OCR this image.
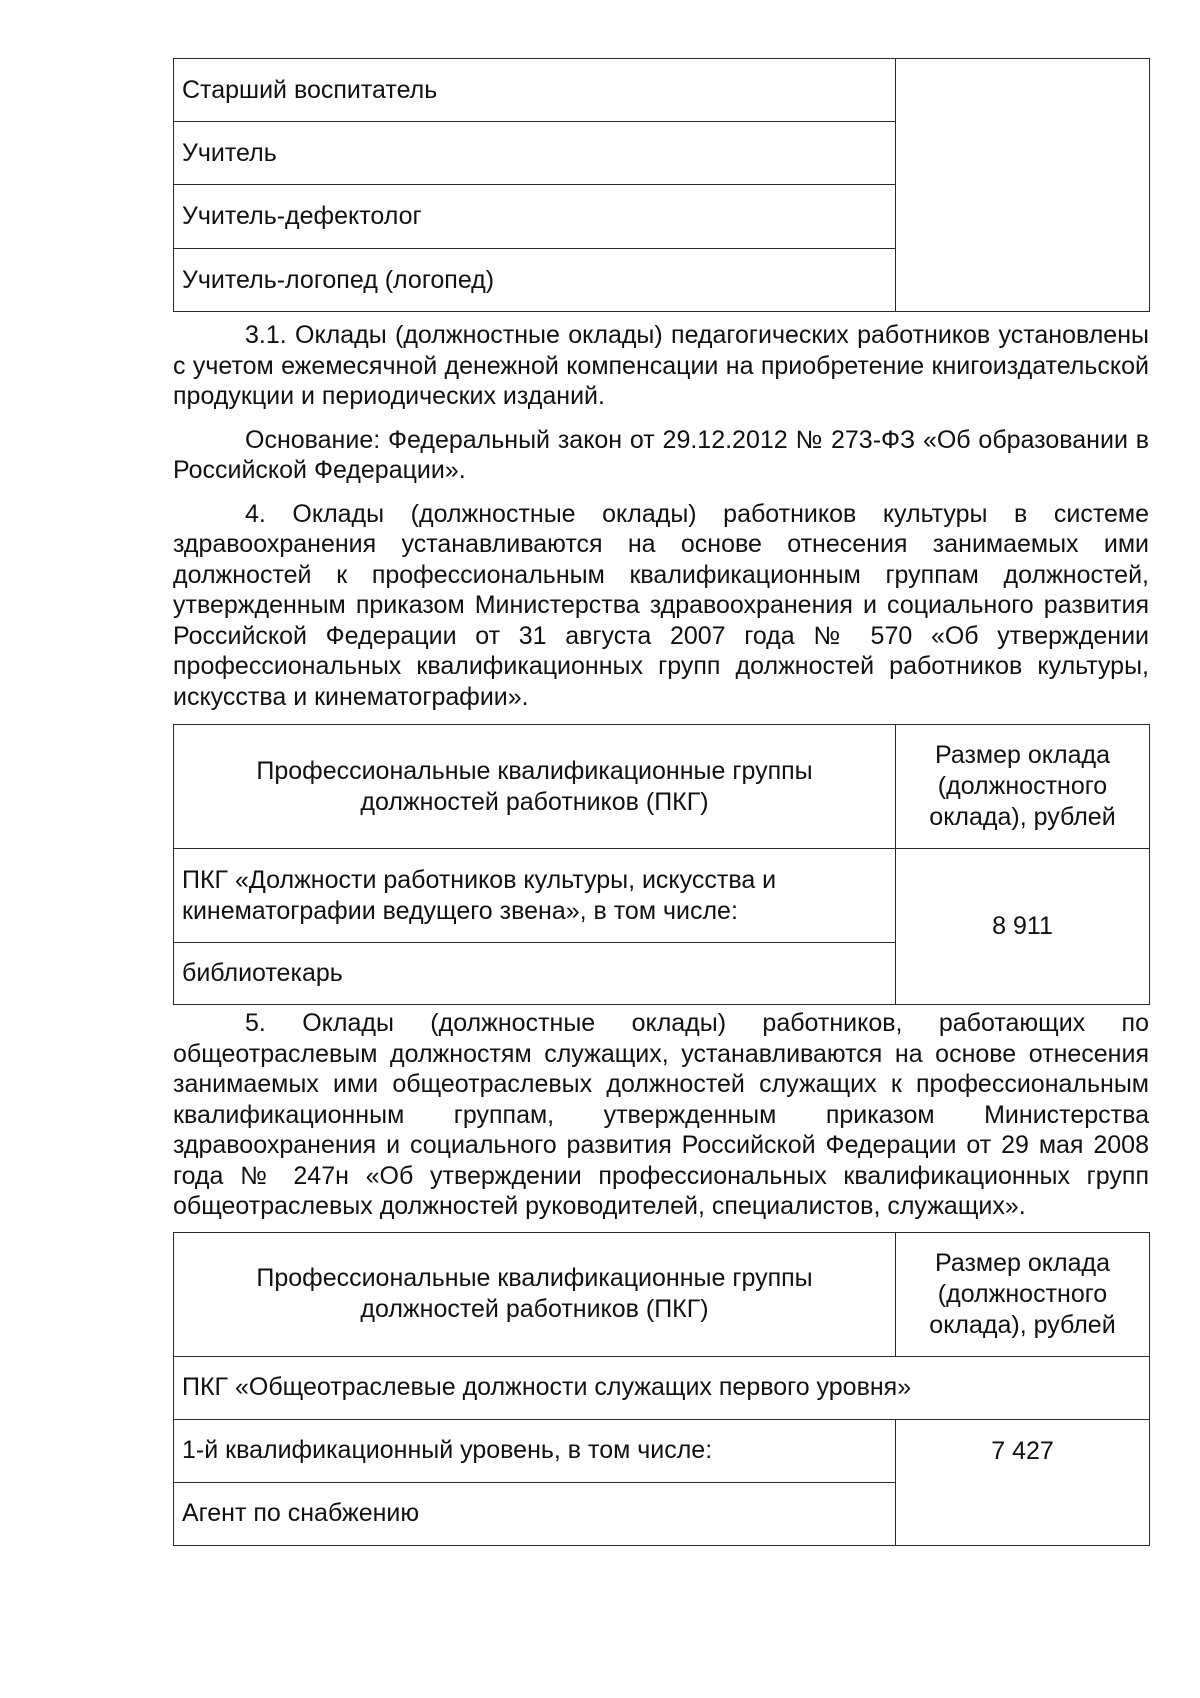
Старший воспитатель	
Учитель
Учитель-дефектолог
Учитель-логопед (логопед)

3.1. Оклады (должностные оклады) педагогических работников установлены с учетом ежемесячной денежной компенсации на приобретение книгоиздательской продукции и периодических изданий.

Основание: Федеральный закон от 29.12.2012 № 273-ФЗ «Об образовании в Российской Федерации».

4. Оклады (должностные оклады) работников культуры в системе здравоохранения устанавливаются на основе отнесения занимаемых ими должностей к профессиональным квалификационным группам должностей, утвержденным приказом Министерства здравоохранения и социального развития Российской Федерации от 31 августа 2007 года № 570 «Об утверждении профессиональных квалификационных групп должностей работников культуры, искусства и кинематографии».

Профессиональные квалификационные группы должностей работников (ПКГ)	Размер оклада (должностного оклада), рублей
ПКГ «Должности работников культуры, искусства и кинематографии ведущего звена», в том числе:	8 911
библиотекарь	

5. Оклады (должностные оклады) работников, работающих по общеотраслевым должностям служащих, устанавливаются на основе отнесения занимаемых ими общеотраслевых должностей служащих к профессиональным квалификационным группам, утвержденным приказом Министерства здравоохранения и социального развития Российской Федерации от 29 мая 2008 года № 247н «Об утверждении профессиональных квалификационных групп общеотраслевых должностей руководителей, специалистов, служащих».

Профессиональные квалификационные группы должностей работников (ПКГ)	Размер оклада (должностного оклада), рублей
ПКГ «Общеотраслевые должности служащих первого уровня»	
1-й квалификационный уровень, в том числе:	7 427
Агент по снабжению	
